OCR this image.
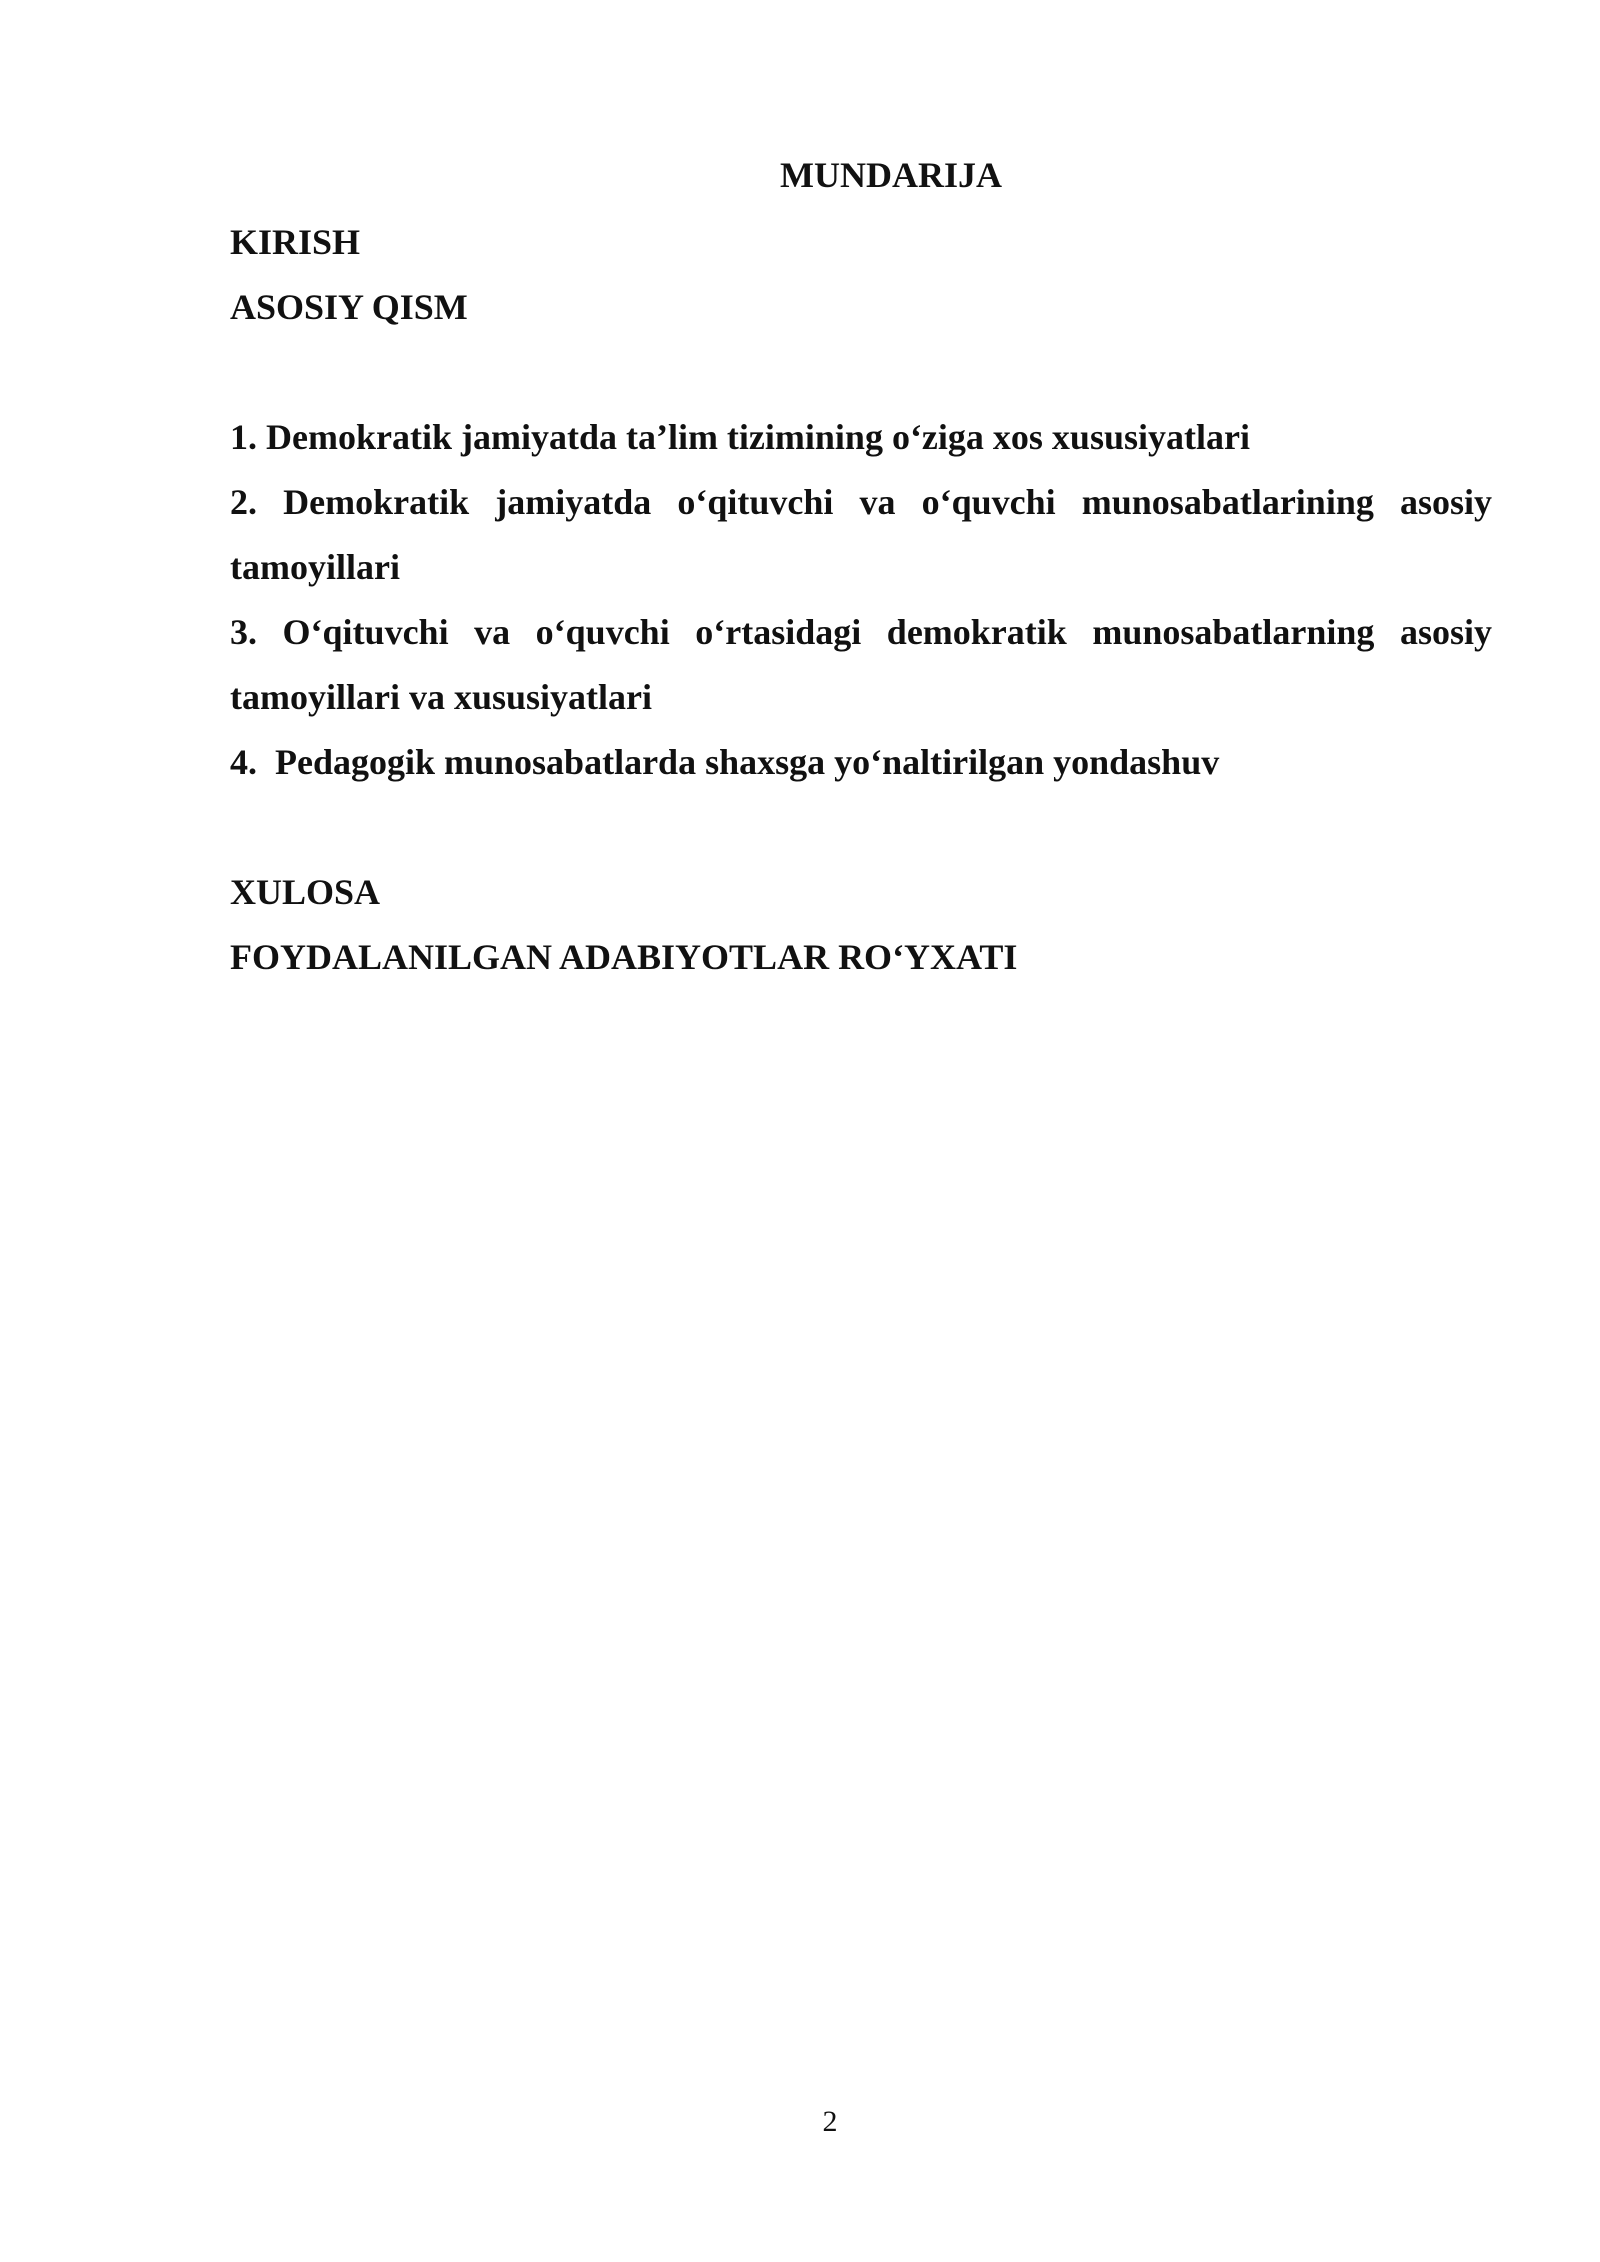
MUNDARIJA

KIRISH

ASOSIY QISM

1. Demokratik jamiyatda ta’lim tizimining o‘ziga xos xususiyatlari

2. Demokratik jamiyatda o‘qituvchi va o‘quvchi munosabatlarining asosiy tamoyillari

3. O‘qituvchi va o‘quvchi o‘rtasidagi demokratik munosabatlarning asosiy tamoyillari va xususiyatlari

4.  Pedagogik munosabatlarda shaxsga yo‘naltirilgan yondashuv

XULOSA

FOYDALANILGAN ADABIYOTLAR RO‘YXATI

2
